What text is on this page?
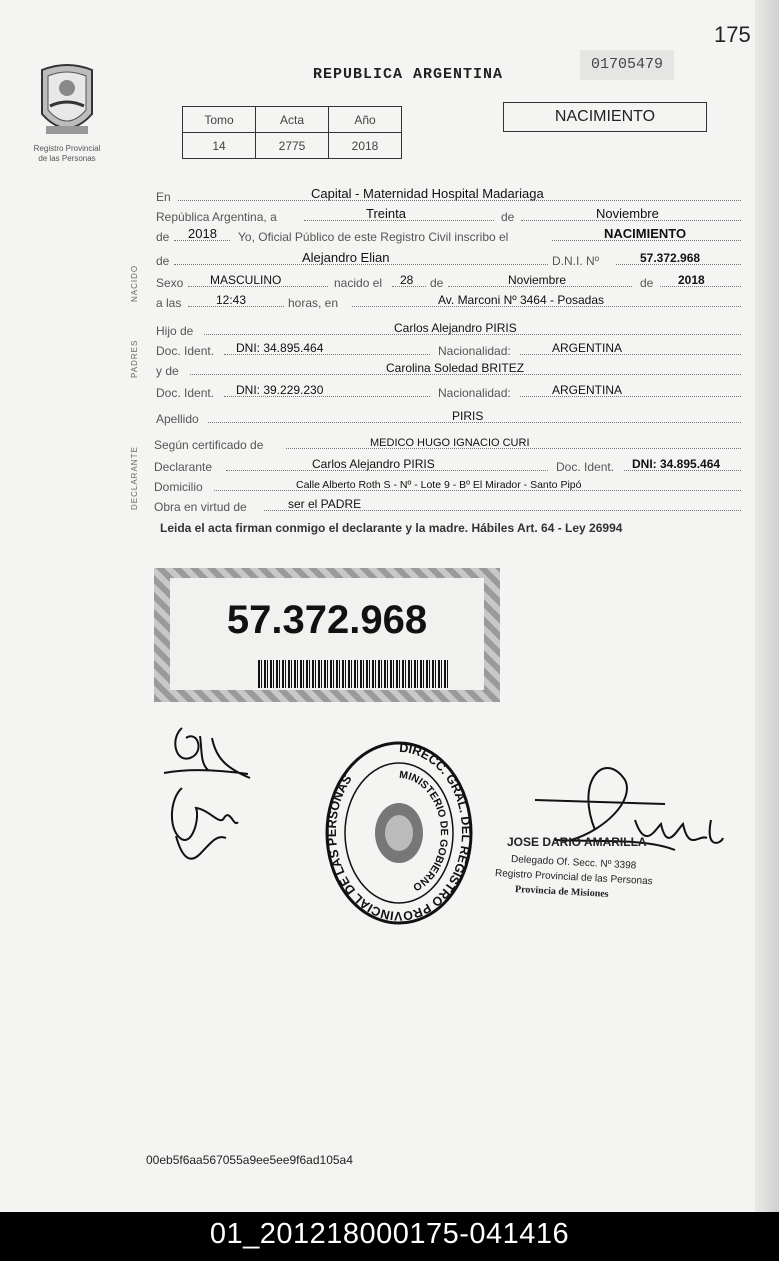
175
Registro Provincial
de las Personas
REPUBLICA ARGENTINA
01705479
Tomo	Acta	Año
14	2775	2018
NACIMIENTO
NACIDO
PADRES
DECLARANTE
En	Capital - Maternidad Hospital Madariaga
República Argentina, a	Treinta	de	Noviembre
de 2018 Yo, Oficial Público de este Registro Civil inscribo el	NACIMIENTO
de	Alejandro Elian	D.N.I. Nº	57.372.968
Sexo MASCULINO	nacido el 28 de	Noviembre	de 2018
a las	12:43	horas, en	Av. Marconi Nº 3464 - Posadas
Hijo de	Carlos Alejandro PIRIS
Doc. Ident. DNI: 34.895.464	Nacionalidad:	ARGENTINA
y de	Carolina Soledad BRITEZ
Doc. Ident. DNI: 39.229.230	Nacionalidad:	ARGENTINA
Apellido	PIRIS
Según certificado de	MEDICO HUGO IGNACIO CURI
Declarante	Carlos Alejandro PIRIS	Doc. Ident. DNI: 34.895.464
Domicilio	Calle Alberto Roth S - Nº - Lote 9 - Bº El Mirador - Santo Pipó
Obra en virtud de	ser el PADRE
Leida el acta firman conmigo el declarante y la madre. Hábiles Art. 64 - Ley 26994
57.372.968
DIRECC. GRAL. DEL REGISTRO PROVINCIAL DE LAS PERSONAS	MINISTERIO DE GOBIERNO
JOSE DARIO AMARILLA
Delegado Of. Secc. Nº 3398
Registro Provincial de las Personas
Provincia de Misiones
00eb5f6aa567055a9ee5ee9f6ad105a4
01_201218000175-041416
